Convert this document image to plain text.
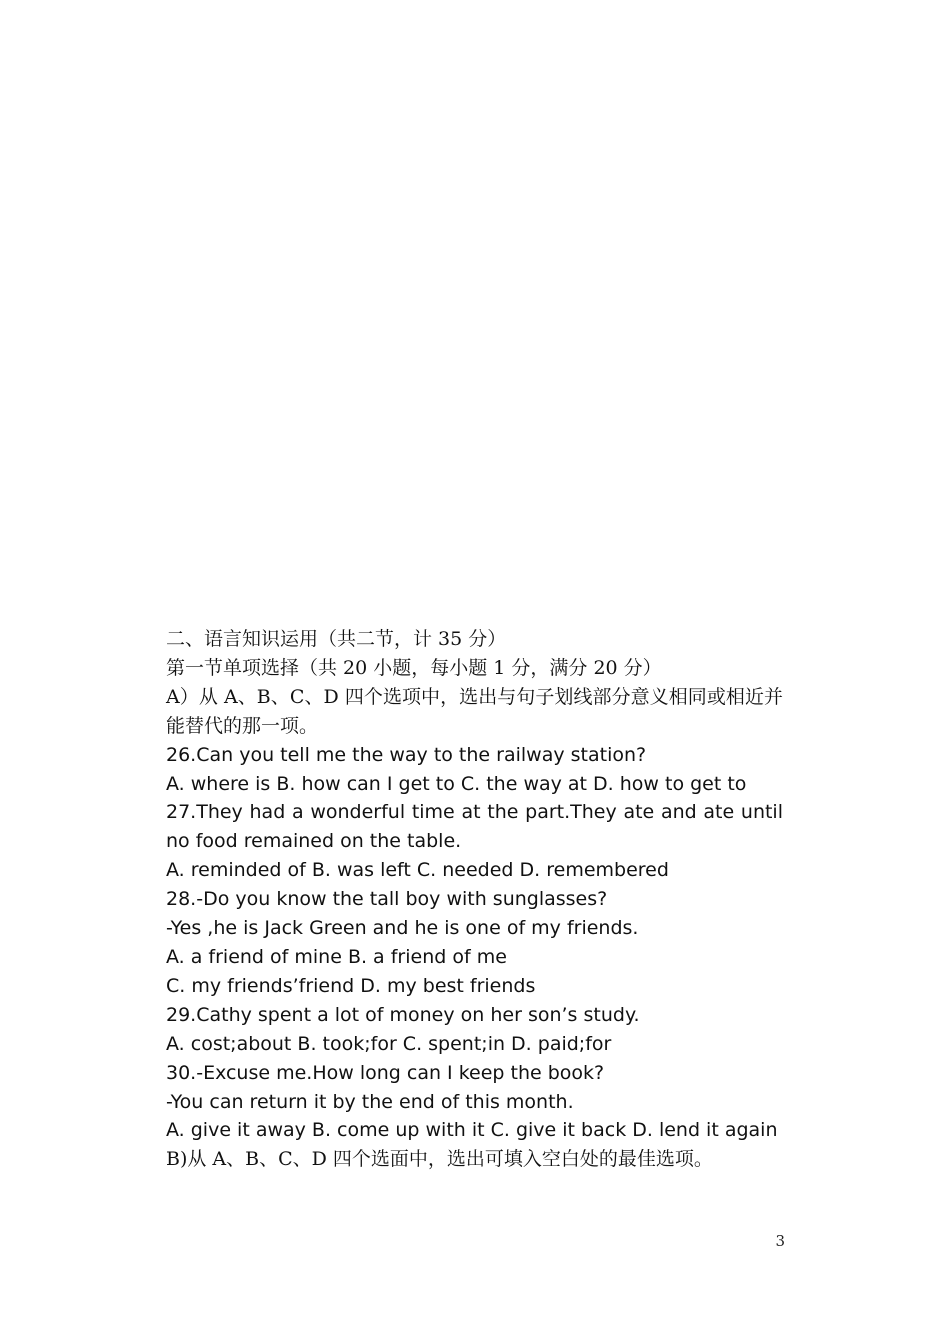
二、语言知识运用（共二节，计 35 分）
第一节单项选择（共 20 小题，每小题 1 分，满分 20 分）
A）从 A、B、C、D 四个选项中，选出与句子划线部分意义相同或相近并能替代的那一项。
26.Can you tell me the way to the railway station?
A. where is B. how can I get to C. the way at D. how to get to
27.They had a wonderful time at the part.They ate and ate until no food remained on the table.
A. reminded of B. was left C. needed D. remembered
28.-Do you know the tall boy with sunglasses?
-Yes ,he is Jack Green and he is one of my friends.
A. a friend of mine B. a friend of me
C. my friends’friend D. my best friends
29.Cathy spent a lot of money on her son’s study.
A. cost;about B. took;for C. spent;in D. paid;for
30.-Excuse me.How long can I keep the book?
-You can return it by the end of this month.
A. give it away B. come up with it C. give it back D. lend it again
B)从 A、B、C、D 四个选面中，选出可填入空白处的最佳选项。
3
